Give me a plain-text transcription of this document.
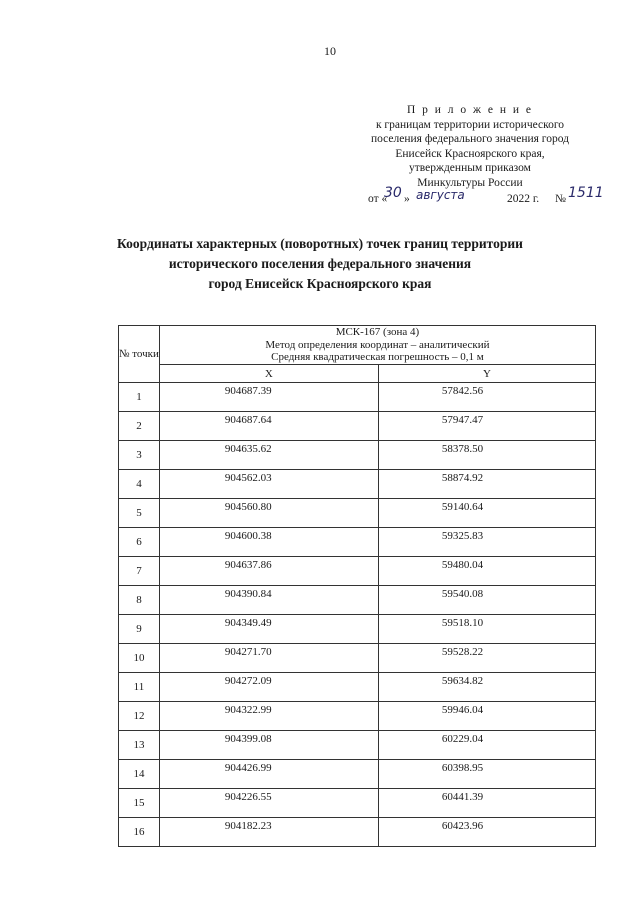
10
П р и л о ж е н и е
к границам территории исторического
поселения федерального значения город
Енисейск Красноярского края,
утвержденным приказом
Минкультуры России
от «
30 » августа	2022 г. № 1511
Координаты характерных (поворотных) точек границ территории
исторического поселения федерального значения
город Енисейск Красноярского края
№ точки	МСК-167 (зона 4)
Метод определения координат – аналитический
Средняя квадратическая погрешность – 0,1 м	

	X	Y
1	904687.39	57842.56
2	904687.64	57947.47
3	904635.62	58378.50
4	904562.03	58874.92
5	904560.80	59140.64
6	904600.38	59325.83
7	904637.86	59480.04
8	904390.84	59540.08
9	904349.49	59518.10
10	904271.70	59528.22
11	904272.09	59634.82
12	904322.99	59946.04
13	904399.08	60229.04
14	904426.99	60398.95
15	904226.55	60441.39
16	904182.23	60423.96
